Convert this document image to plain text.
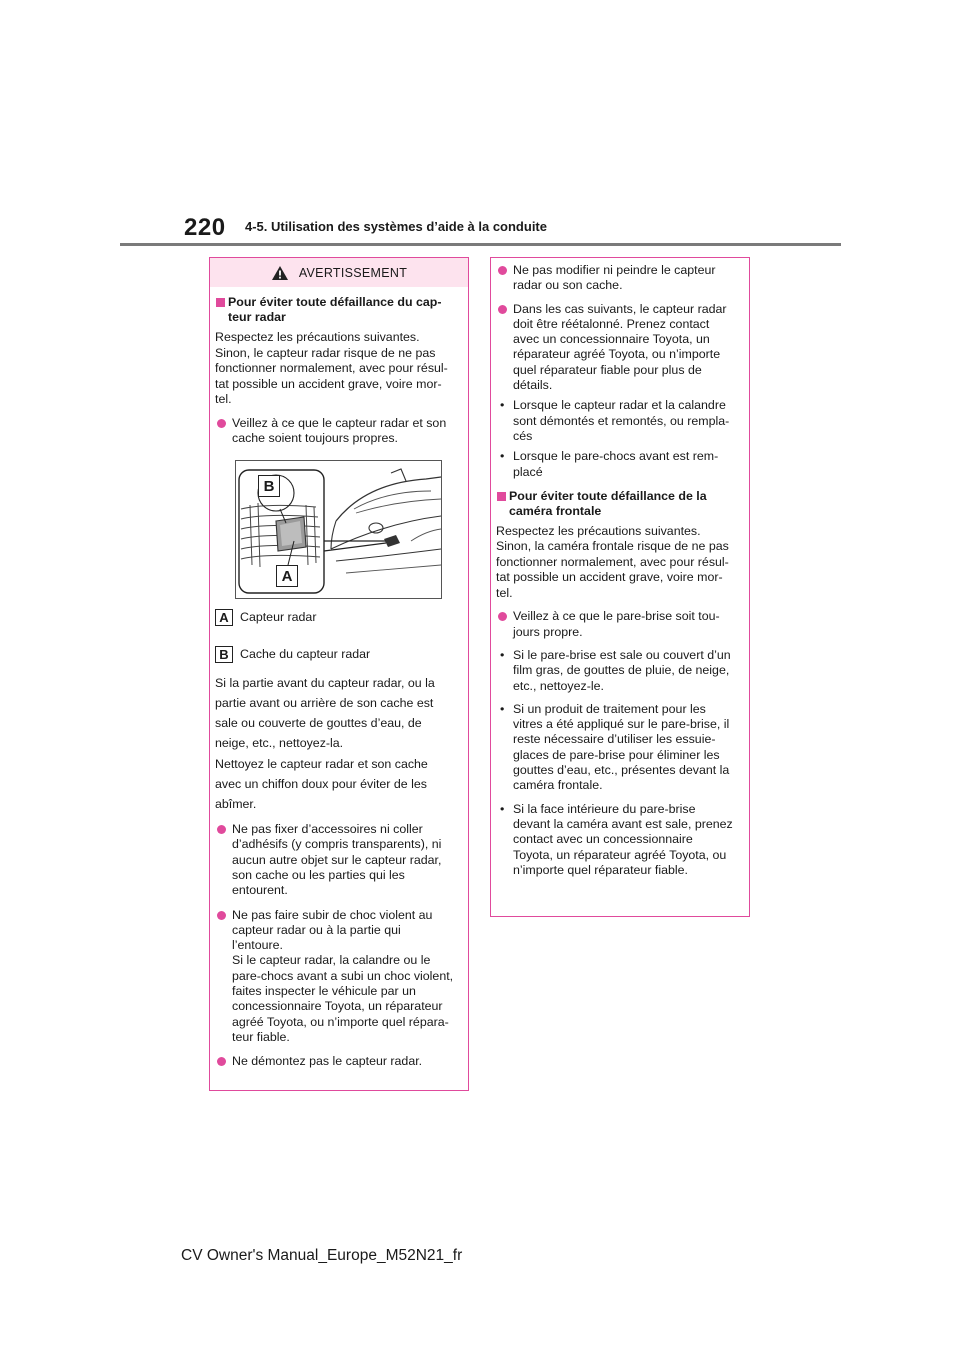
220 4-5. Utilisation des systèmes d’aide à la conduite
AVERTISSEMENT
Pour éviter toute défaillance du cap-
teur radar

Respectez les précautions suivantes.
Sinon, le capteur radar risque de ne pas
fonctionner normalement, avec pour résul-
tat possible un accident grave, voire mor-
tel.

Veillez à ce que le capteur radar et son
cache soient toujours propres.
B
A
A Capteur radar
B Cache du capteur radar

Si la partie avant du capteur radar, ou la
partie avant ou arrière de son cache est
sale ou couverte de gouttes d’eau, de
neige, etc., nettoyez-la.

Nettoyez le capteur radar et son cache
avec un chiffon doux pour éviter de les
abîmer.

Ne pas fixer d’accessoires ni coller
d’adhésifs (y compris transparents), ni
aucun autre objet sur le capteur radar,
son cache ou les parties qui les
entourent.
Ne pas faire subir de choc violent au
capteur radar ou à la partie qui
l’entoure.
Si le capteur radar, la calandre ou le
pare-chocs avant a subi un choc violent,
faites inspecter le véhicule par un
concessionnaire Toyota, un réparateur
agréé Toyota, ou n’importe quel répara-
teur fiable.
Ne démontez pas le capteur radar.
Ne pas modifier ni peindre le capteur
radar ou son cache.
Dans les cas suivants, le capteur radar
doit être réétalonné. Prenez contact
avec un concessionnaire Toyota, un
réparateur agréé Toyota, ou n’importe
quel réparateur fiable pour plus de
détails.
• Lorsque le capteur radar et la calandre
sont démontés et remontés, ou rempla-
cés
• Lorsque le pare-chocs avant est rem-
placé
Pour éviter toute défaillance de la
caméra frontale

Respectez les précautions suivantes.
Sinon, la caméra frontale risque de ne pas
fonctionner normalement, avec pour résul-
tat possible un accident grave, voire mor-
tel.

Veillez à ce que le pare-brise soit tou-
jours propre.
• Si le pare-brise est sale ou couvert d’un
film gras, de gouttes de pluie, de neige,
etc., nettoyez-le.
• Si un produit de traitement pour les
vitres a été appliqué sur le pare-brise, il
reste nécessaire d’utiliser les essuie-
glaces de pare-brise pour éliminer les
gouttes d’eau, etc., présentes devant la
caméra frontale.
• Si la face intérieure du pare-brise
devant la caméra avant est sale, prenez
contact avec un concessionnaire
Toyota, un réparateur agréé Toyota, ou
n’importe quel réparateur fiable.
CV Owner's Manual_Europe_M52N21_fr
